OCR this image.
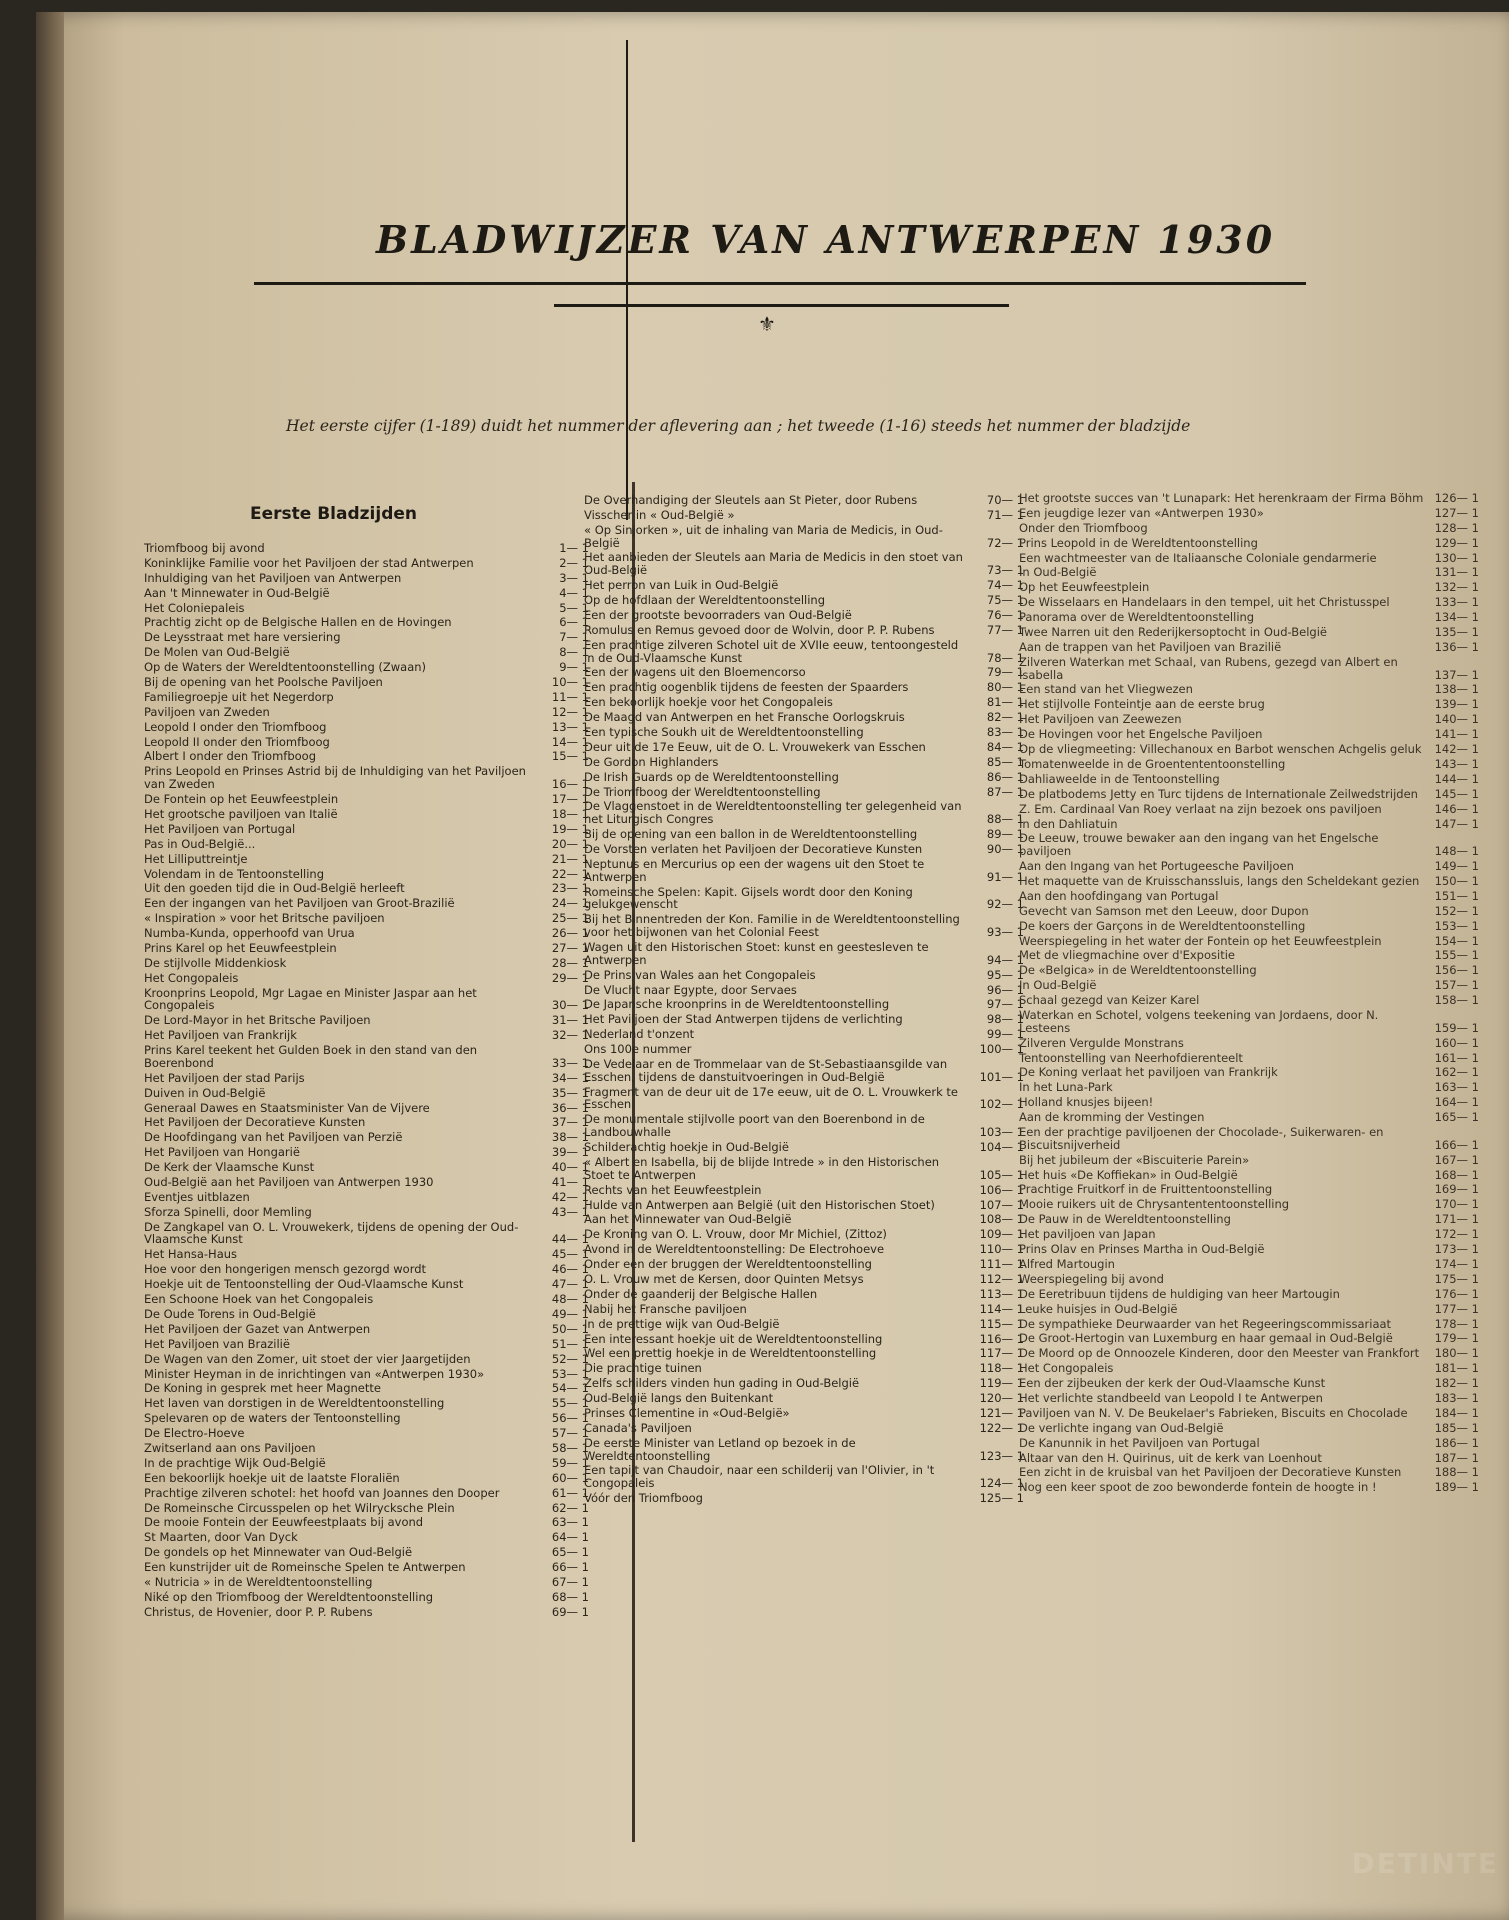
BLADWIJZER VAN ANTWERPEN 1930
⚜
Het eerste cijfer (1-189) duidt het nummer der aflevering aan ; het tweede (1-16) steeds het nummer der bladzijde
Eerste Bladzijden
Triomfboog bij avond	1— 1
Koninklijke Familie voor het Paviljoen der stad Antwerpen	2— 1
Inhuldiging van het Paviljoen van Antwerpen	3— 1
Aan 't Minnewater in Oud-België	4— 1
Het Coloniepaleis	5— 1
Prachtig zicht op de Belgische Hallen en de Hovingen	6— 1
De Leysstraat met hare versiering	7— 1
De Molen van Oud-België	8— 1
Op de Waters der Wereldtentoonstelling (Zwaan)	9— 1
Bij de opening van het Poolsche Paviljoen	10— 1
Familiegroepje uit het Negerdorp	11— 1
Paviljoen van Zweden	12— 1
Leopold I onder den Triomfboog	13— 1
Leopold II onder den Triomfboog	14— 1
Albert I onder den Triomfboog	15— 1
Prins Leopold en Prinses Astrid bij de Inhuldiging van het Paviljoen van Zweden	16— 1
De Fontein op het Eeuwfeestplein	17— 1
Het grootsche paviljoen van Italië	18— 1
Het Paviljoen van Portugal	19— 1
Pas in Oud-België...	20— 1
Het Lilliputtreintje	21— 1
Volendam in de Tentoonstelling	22— 1
Uit den goeden tijd die in Oud-België herleeft	23— 1
Een der ingangen van het Paviljoen van Groot-Brazilië	24— 1
« Inspiration » voor het Britsche paviljoen	25— 1
Numba-Kunda, opperhoofd van Urua	26— 1
Prins Karel op het Eeuwfeestplein	27— 1
De stijlvolle Middenkiosk	28— 1
Het Congopaleis	29— 1
Kroonprins Leopold, Mgr Lagae en Minister Jaspar aan het Congopaleis	30— 1
De Lord-Mayor in het Britsche Paviljoen	31— 1
Het Paviljoen van Frankrijk	32— 1
Prins Karel teekent het Gulden Boek in den stand van den Boerenbond	33— 1
Het Paviljoen der stad Parijs	34— 1
Duiven in Oud-België	35— 1
Generaal Dawes en Staatsminister Van de Vijvere	36— 1
Het Paviljoen der Decoratieve Kunsten	37— 1
De Hoofdingang van het Paviljoen van Perzië	38— 1
Het Paviljoen van Hongarië	39— 1
De Kerk der Vlaamsche Kunst	40— 1
Oud-België aan het Paviljoen van Antwerpen 1930	41— 1
Eventjes uitblazen	42— 1
Sforza Spinelli, door Memling	43— 1
De Zangkapel van O. L. Vrouwekerk, tijdens de opening der Oud-Vlaamsche Kunst	44— 1
Het Hansa-Haus	45— 1
Hoe voor den hongerigen mensch gezorgd wordt	46— 1
Hoekje uit de Tentoonstelling der Oud-Vlaamsche Kunst	47— 1
Een Schoone Hoek van het Congopaleis	48— 1
De Oude Torens in Oud-België	49— 1
Het Paviljoen der Gazet van Antwerpen	50— 1
Het Paviljoen van Brazilië	51— 1
De Wagen van den Zomer, uit stoet der vier Jaargetijden	52— 1
Minister Heyman in de inrichtingen van «Antwerpen 1930»	53— 1
De Koning in gesprek met heer Magnette	54— 1
Het laven van dorstigen in de Wereldtentoonstelling	55— 1
Spelevaren op de waters der Tentoonstelling	56— 1
De Electro-Hoeve	57— 1
Zwitserland aan ons Paviljoen	58— 1
In de prachtige Wijk Oud-België	59— 1
Een bekoorlijk hoekje uit de laatste Floraliën	60— 1
Prachtige zilveren schotel: het hoofd van Joannes den Dooper	61— 1
De Romeinsche Circusspelen op het Wilrycksche Plein	62— 1
De mooie Fontein der Eeuwfeestplaats bij avond	63— 1
St Maarten, door Van Dyck	64— 1
De gondels op het Minnewater van Oud-België	65— 1
Een kunstrijder uit de Romeinsche Spelen te Antwerpen	66— 1
« Nutricia » in de Wereldtentoonstelling	67— 1
Niké op den Triomfboog der Wereldtentoonstelling	68— 1
Christus, de Hovenier, door P. P. Rubens	69— 1
De Overhandiging der Sleutels aan St Pieter, door Rubens	70— 1
Visscher in « Oud-België »	71— 1
« Op Sinjorken », uit de inhaling van Maria de Medicis, in Oud-België	72— 1
Het aanbieden der Sleutels aan Maria de Medicis in den stoet van Oud-België	73— 1
Het perron van Luik in Oud-België	74— 1
Op de hofdlaan der Wereldtentoonstelling	75— 1
Een der grootste bevoorraders van Oud-België	76— 1
Romulus en Remus gevoed door de Wolvin, door P. P. Rubens	77— 1
Een prachtige zilveren Schotel uit de XVIIe eeuw, tentoongesteld in de Oud-Vlaamsche Kunst	78— 1
Een der wagens uit den Bloemencorso	79— 1
Een prachtig oogenblik tijdens de feesten der Spaarders	80— 1
Een bekoorlijk hoekje voor het Congopaleis	81— 1
De Maagd van Antwerpen en het Fransche Oorlogskruis	82— 1
Een typische Soukh uit de Wereldtentoonstelling	83— 1
Deur uit de 17e Eeuw, uit de O. L. Vrouwekerk van Esschen	84— 1
De Gordon Highlanders	85— 1
De Irish Guards op de Wereldtentoonstelling	86— 1
De Triomfboog der Wereldtentoonstelling	87— 1
De Vlaggenstoet in de Wereldtentoonstelling ter gelegenheid van het Liturgisch Congres	88— 1
Bij de opening van een ballon in de Wereldtentoonstelling	89— 1
De Vorsten verlaten het Paviljoen der Decoratieve Kunsten	90— 1
Neptunus en Mercurius op een der wagens uit den Stoet te Antwerpen	91— 1
Romeinsche Spelen: Kapit. Gijsels wordt door den Koning gelukgewenscht	92— 1
Bij het Binnentreden der Kon. Familie in de Wereldtentoonstelling voor het bijwonen van het Colonial Feest	93— 1
Wagen uit den Historischen Stoet: kunst en geestesleven te Antwerpen	94— 1
De Prins van Wales aan het Congopaleis	95— 1
De Vlucht naar Egypte, door Servaes	96— 1
De Japansche kroonprins in de Wereldtentoonstelling	97— 1
Het Paviljoen der Stad Antwerpen tijdens de verlichting	98— 1
Nederland t'onzent	99— 1
Ons 100e nummer	100— 1
De Vedelaar en de Trommelaar van de St-Sebastiaansgilde van Esschen, tijdens de danstuitvoeringen in Oud-België	101— 1
Fragment van de deur uit de 17e eeuw, uit de O. L. Vrouwkerk te Esschen	102— 1
De monumentale stijlvolle poort van den Boerenbond in de Landbouwhalle	103— 1
Schilderachtig hoekje in Oud-België	104— 1
« Albert en Isabella, bij de blijde Intrede » in den Historischen Stoet te Antwerpen	105— 1
Rechts van het Eeuwfeestplein	106— 1
Hulde van Antwerpen aan België (uit den Historischen Stoet)	107— 1
Aan het Minnewater van Oud-België	108— 1
De Kroning van O. L. Vrouw, door Mr Michiel, (Zittoz)	109— 1
Avond in de Wereldtentoonstelling: De Electrohoeve	110— 1
Onder een der bruggen der Wereldtentoonstelling	111— 1
O. L. Vrouw met de Kersen, door Quinten Metsys	112— 1
Onder de gaanderij der Belgische Hallen	113— 1
Nabij het Fransche paviljoen	114— 1
In de prettige wijk van Oud-België	115— 1
Een interessant hoekje uit de Wereldtentoonstelling	116— 1
Wel een prettig hoekje in de Wereldtentoonstelling	117— 1
Die prachtige tuinen	118— 1
Zelfs schilders vinden hun gading in Oud-België	119— 1
Oud-België langs den Buitenkant	120— 1
Prinses Clementine in «Oud-België»	121— 1
Canada's Paviljoen	122— 1
De eerste Minister van Letland op bezoek in de Wereldtentoonstelling	123— 1
Een tapijt van Chaudoir, naar een schilderij van l'Olivier, in 't Congopaleis	124— 1
Vóór den Triomfboog	125— 1
Het grootste succes van 't Lunapark: Het herenkraam der Firma Böhm 126— 1
Een jeugdige lezer van «Antwerpen 1930»	127— 1
Onder den Triomfboog	128— 1
Prins Leopold in de Wereldtentoonstelling	129— 1
Een wachtmeester van de Italiaansche Coloniale gendarmerie	130— 1
In Oud-België	131— 1
Op het Eeuwfeestplein	132— 1
De Wisselaars en Handelaars in den tempel, uit het Christusspel	133— 1
Panorama over de Wereldtentoonstelling	134— 1
Twee Narren uit den Rederijkersoptocht in Oud-België	135— 1
Aan de trappen van het Paviljoen van Brazilië	136— 1
Zilveren Waterkan met Schaal, van Rubens, gezegd van Albert en Isabella	137— 1
Een stand van het Vliegwezen	138— 1
Het stijlvolle Fonteintje aan de eerste brug	139— 1
Het Paviljoen van Zeewezen	140— 1
De Hovingen voor het Engelsche Paviljoen	141— 1
Op de vliegmeeting: Villechanoux en Barbot wenschen Achgelis geluk	142— 1
Tomatenweelde in de Groentententoonstelling	143— 1
Dahliaweelde in de Tentoonstelling	144— 1
De platbodems Jetty en Turc tijdens de Internationale Zeilwedstrijden	145— 1
Z. Em. Cardinaal Van Roey verlaat na zijn bezoek ons paviljoen	146— 1
In den Dahliatuin	147— 1
De Leeuw, trouwe bewaker aan den ingang van het Engelsche paviljoen	148— 1
Aan den Ingang van het Portugeesche Paviljoen	149— 1
Het maquette van de Kruisschanssluis, langs den Scheldekant gezien	150— 1
Aan den hoofdingang van Portugal	151— 1
Gevecht van Samson met den Leeuw, door Dupon	152— 1
De koers der Garçons in de Wereldtentoonstelling	153— 1
Weerspiegeling in het water der Fontein op het Eeuwfeestplein	154— 1
Met de vliegmachine over d'Expositie	155— 1
De «Belgica» in de Wereldtentoonstelling	156— 1
In Oud-België	157— 1
Schaal gezegd van Keizer Karel	158— 1
Waterkan en Schotel, volgens teekening van Jordaens, door N. Lesteens	159— 1
Zilveren Vergulde Monstrans	160— 1
Tentoonstelling van Neerhofdierenteelt	161— 1
De Koning verlaat het paviljoen van Frankrijk	162— 1
In het Luna-Park	163— 1
Holland knusjes bijeen!	164— 1
Aan de kromming der Vestingen	165— 1
Een der prachtige paviljoenen der Chocolade-, Suikerwaren- en Biscuitsnijverheid	166— 1
Bij het jubileum der «Biscuiterie Parein»	167— 1
Het huis «De Koffiekan» in Oud-België	168— 1
Prachtige Fruitkorf in de Fruittentoonstelling	169— 1
Mooie ruikers uit de Chrysantententoonstelling	170— 1
De Pauw in de Wereldtentoonstelling	171— 1
Het paviljoen van Japan	172— 1
Prins Olav en Prinses Martha in Oud-België	173— 1
Alfred Martougin	174— 1
Weerspiegeling bij avond	175— 1
De Eeretribuun tijdens de huldiging van heer Martougin	176— 1
Leuke huisjes in Oud-België	177— 1
De sympathieke Deurwaarder van het Regeeringscommissariaat	178— 1
De Groot-Hertogin van Luxemburg en haar gemaal in Oud-België	179— 1
De Moord op de Onnoozele Kinderen, door den Meester van Frankfort	180— 1
Het Congopaleis	181— 1
Een der zijbeuken der kerk der Oud-Vlaamsche Kunst	182— 1
Het verlichte standbeeld van Leopold I te Antwerpen	183— 1
Paviljoen van N. V. De Beukelaer's Fabrieken, Biscuits en Chocolade	184— 1
De verlichte ingang van Oud-België	185— 1
De Kanunnik in het Paviljoen van Portugal	186— 1
Altaar van den H. Quirinus, uit de kerk van Loenhout	187— 1
Een zicht in de kruisbal van het Paviljoen der Decoratieve Kunsten	188— 1
Nog een keer spoot de zoo bewonderde fontein de hoogte in !	189— 1
DETINTE
